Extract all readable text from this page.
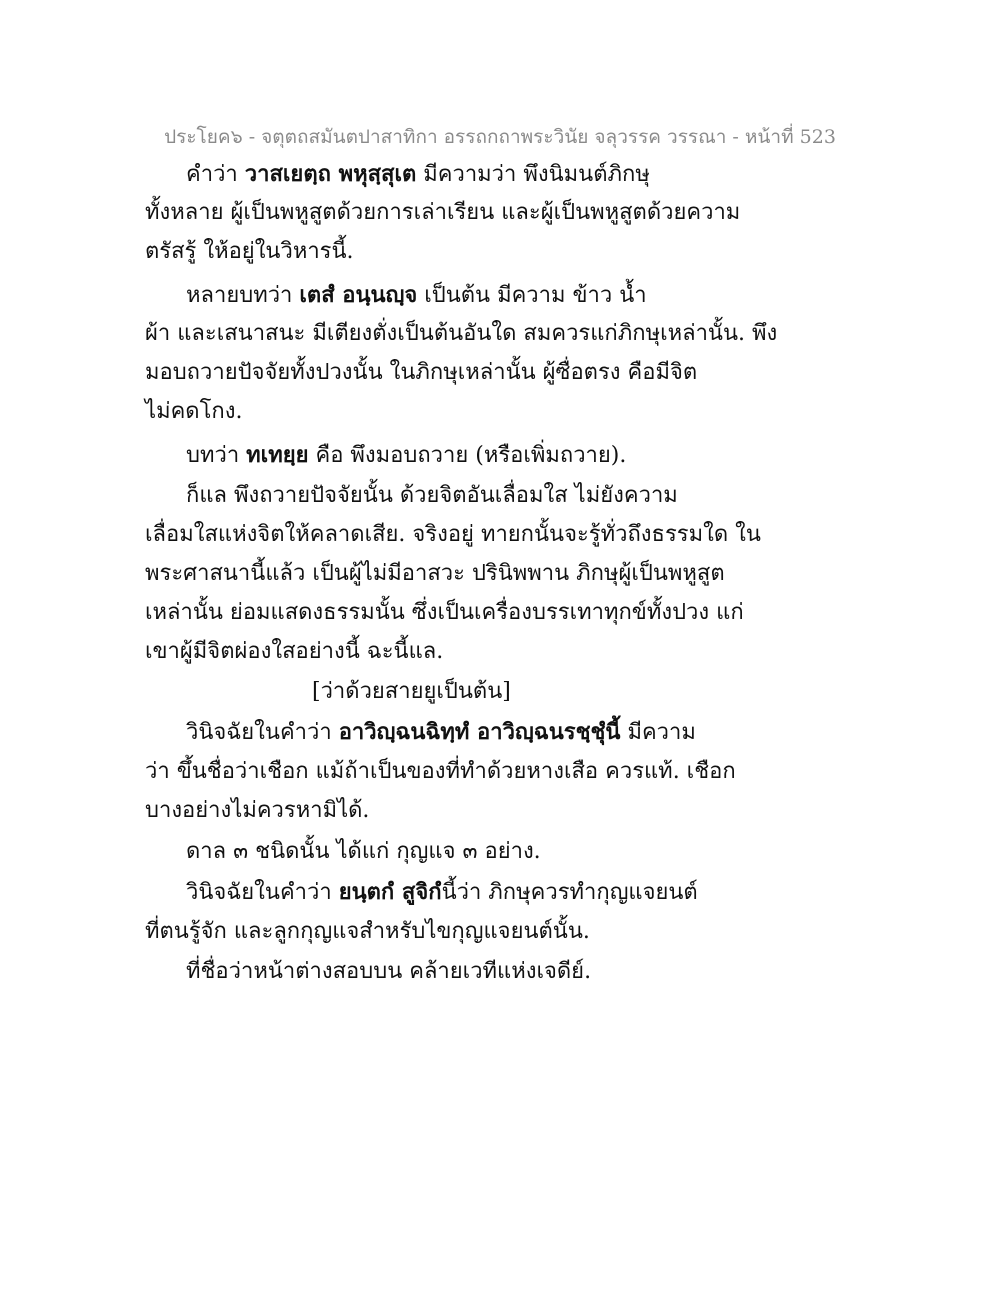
ประโยค๖ - จตุตถสมันตปาสาทิกา อรรถกถาพระวินัย จลุวรรค วรรณา - หน้าที่ 523
คำว่า วาสเยตฺถ พหุสฺสุเต มีความว่า พึงนิมนต์ภิกษุ
ทั้งหลาย ผู้เป็นพหูสูตด้วยการเล่าเรียน และผู้เป็นพหูสูตด้วยความ
ตรัสรู้ ให้อยู่ในวิหารนี้.
หลายบทว่า เตสํ อนฺนญฺจ เป็นต้น มีความ ข้าว น้ำ
ผ้า และเสนาสนะ มีเตียงตั่งเป็นต้นอันใด สมควรแก่ภิกษุเหล่านั้น. พึง
มอบถวายปัจจัยทั้งปวงนั้น ในภิกษุเหล่านั้น ผู้ซื่อตรง คือมีจิต
ไม่คดโกง.
บทว่า ทเทยฺย คือ พึงมอบถวาย (หรือเพิ่มถวาย).
ก็แล พึงถวายปัจจัยนั้น ด้วยจิตอันเลื่อมใส ไม่ยังความ
เลื่อมใสแห่งจิตให้คลาดเสีย. จริงอยู่ ทายกนั้นจะรู้ทั่วถึงธรรมใด ใน
พระศาสนานี้แล้ว เป็นผู้ไม่มีอาสวะ ปรินิพพาน ภิกษุผู้เป็นพหูสูต
เหล่านั้น ย่อมแสดงธรรมนั้น ซึ่งเป็นเครื่องบรรเทาทุกข์ทั้งปวง แก่
เขาผู้มีจิตผ่องใสอย่างนี้ ฉะนี้แล.
[ว่าด้วยสายยูเป็นต้น]
วินิจฉัยในคำว่า อาวิญฺฉนฉิทฺทํ อาวิญฺฉนรชฺชุํนี้ มีความ
ว่า ขึ้นชื่อว่าเชือก แม้ถ้าเป็นของที่ทำด้วยหางเสือ ควรแท้. เชือก
บางอย่างไม่ควรหามิได้.
ดาล ๓ ชนิดนั้น ได้แก่ กุญแจ ๓ อย่าง.
วินิจฉัยในคำว่า ยนฺตกํ สูจิกํนี้ว่า ภิกษุควรทำกุญแจยนต์
ที่ตนรู้จัก และลูกกุญแจสำหรับไขกุญแจยนต์นั้น.
ที่ชื่อว่าหน้าต่างสอบบน คล้ายเวทีแห่งเจดีย์.
